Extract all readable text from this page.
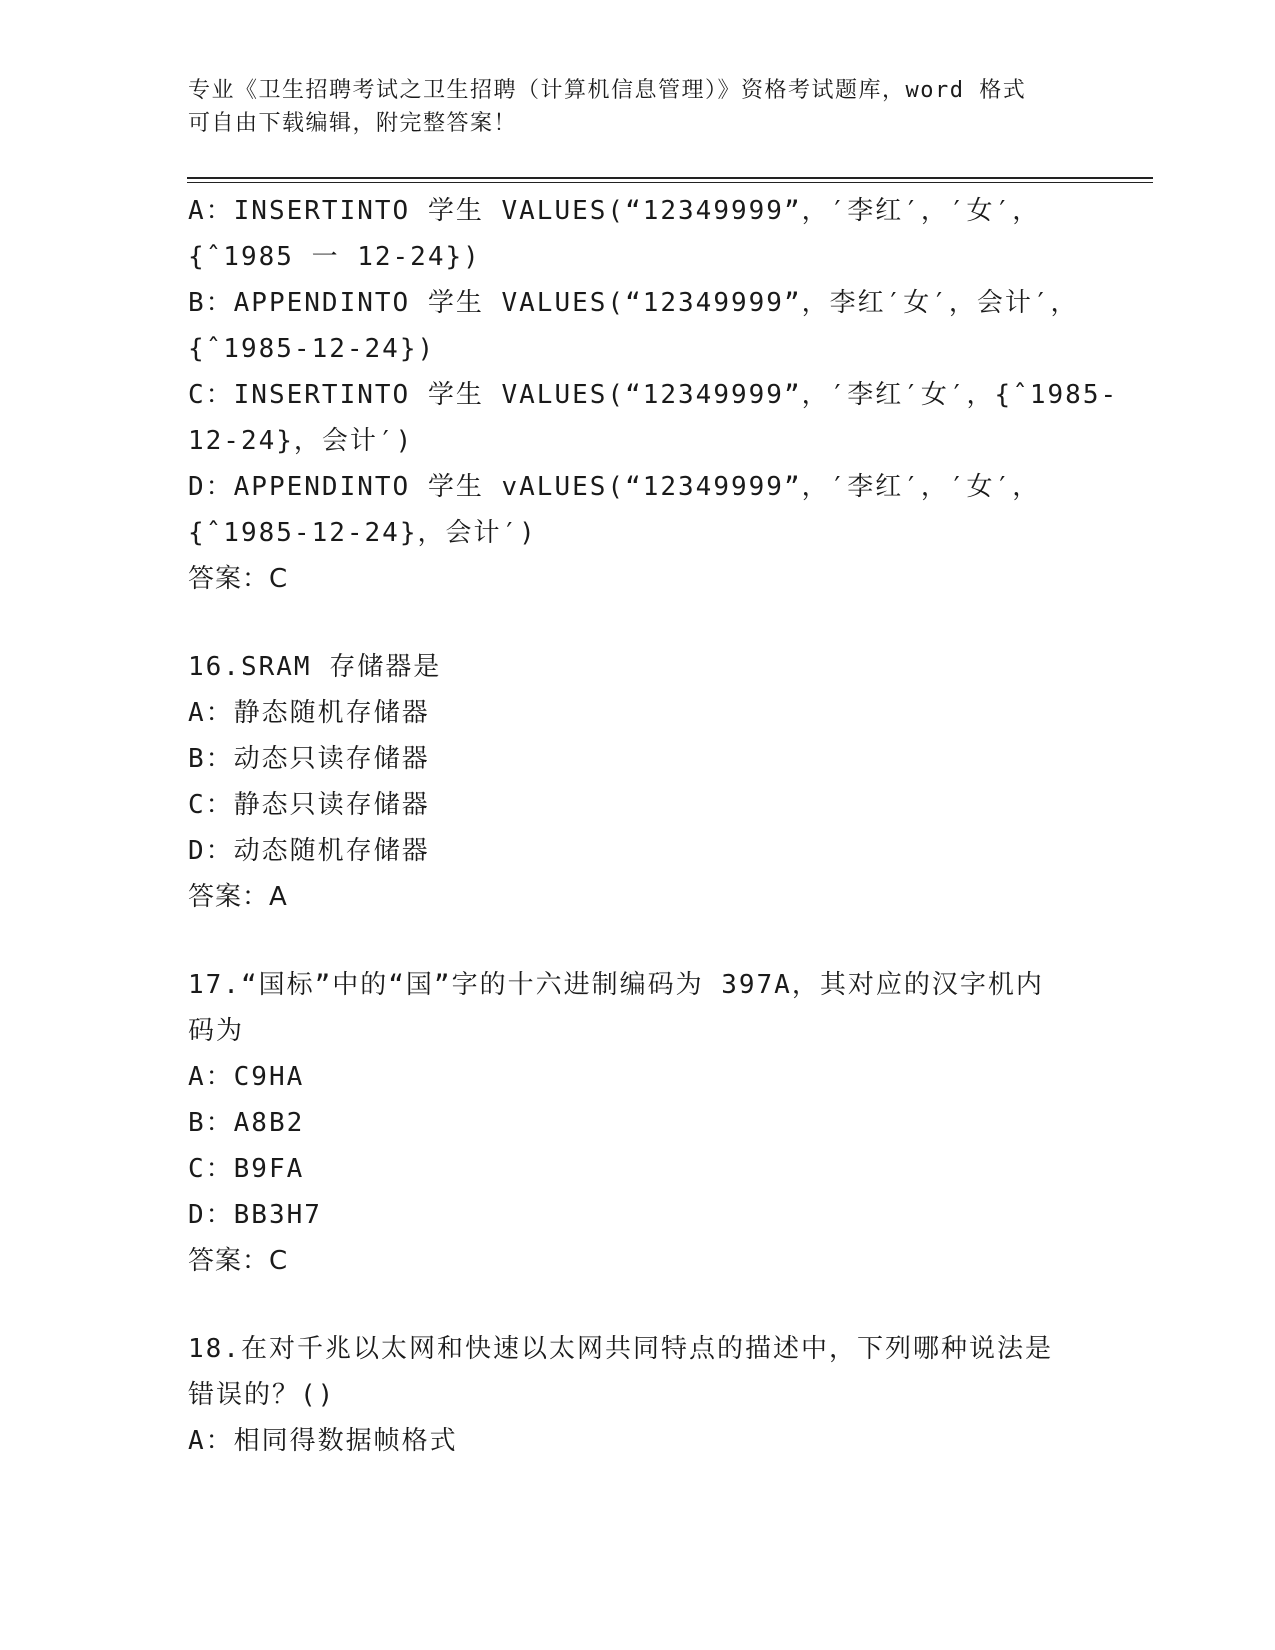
专业《卫生招聘考试之卫生招聘（计算机信息管理）》资格考试题库，word 格式
可自由下载编辑，附完整答案！
A：INSERTINTO 学生 VALUES(“12349999”，′李红′，′女′，
{ˆ1985 一 12-24})
B：APPENDINTO 学生 VALUES(“12349999”，李红′女′，会计′，
{ˆ1985-12-24})
C：INSERTINTO 学生 VALUES(“12349999”，′李红′女′，{ˆ1985-
12-24}，会计′)
D：APPENDINTO 学生 vALUES(“12349999”，′李红′，′女′，
{ˆ1985-12-24}，会计′)
答案：C
16.SRAM 存储器是
A：静态随机存储器
B：动态只读存储器
C：静态只读存储器
D：动态随机存储器
答案：A
17.“国标”中的“国”字的十六进制编码为 397A，其对应的汉字机内
码为
A：C9HA
B：A8B2
C：B9FA
D：BB3H7
答案：C
18.在对千兆以太网和快速以太网共同特点的描述中，下列哪种说法是
错误的？()
A：相同得数据帧格式
